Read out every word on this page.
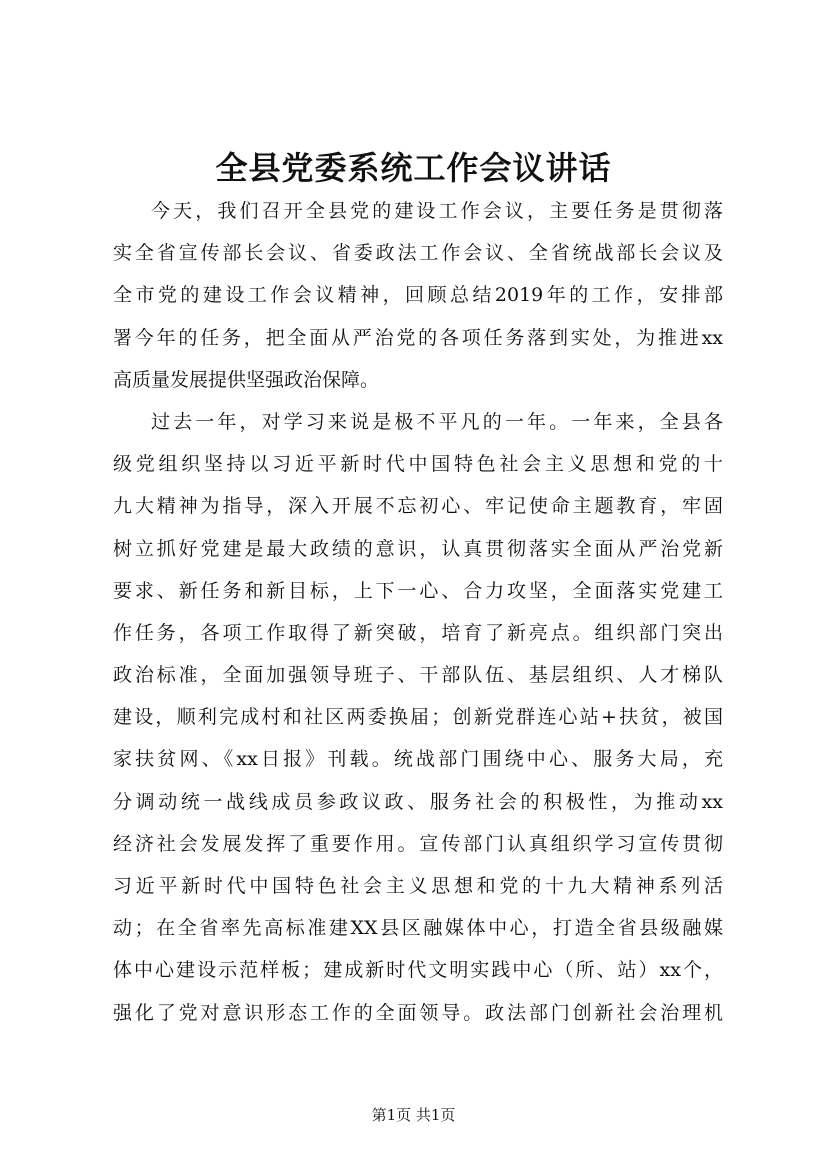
全县党委系统工作会议讲话
今天，我们召开全县党的建设工作会议，主要任务是贯彻落
实全省宣传部长会议、省委政法工作会议、全省统战部长会议及
全市党的建设工作会议精神，回顾总结2019年的工作，安排部
署今年的任务，把全面从严治党的各项任务落到实处，为推进xx
高质量发展提供坚强政治保障。
过去一年，对学习来说是极不平凡的一年。一年来，全县各
级党组织坚持以习近平新时代中国特色社会主义思想和党的十
九大精神为指导，深入开展不忘初心、牢记使命主题教育，牢固
树立抓好党建是最大政绩的意识，认真贯彻落实全面从严治党新
要求、新任务和新目标，上下一心、合力攻坚，全面落实党建工
作任务，各项工作取得了新突破，培育了新亮点。组织部门突出
政治标准，全面加强领导班子、干部队伍、基层组织、人才梯队
建设，顺利完成村和社区两委换届；创新党群连心站+扶贫，被国
家扶贫网、《xx日报》刊载。统战部门围绕中心、服务大局，充
分调动统一战线成员参政议政、服务社会的积极性，为推动xx
经济社会发展发挥了重要作用。宣传部门认真组织学习宣传贯彻
习近平新时代中国特色社会主义思想和党的十九大精神系列活
动；在全省率先高标准建XX县区融媒体中心，打造全省县级融媒
体中心建设示范样板；建成新时代文明实践中心（所、站）xx个，
强化了党对意识形态工作的全面领导。政法部门创新社会治理机
第1页 共1页
